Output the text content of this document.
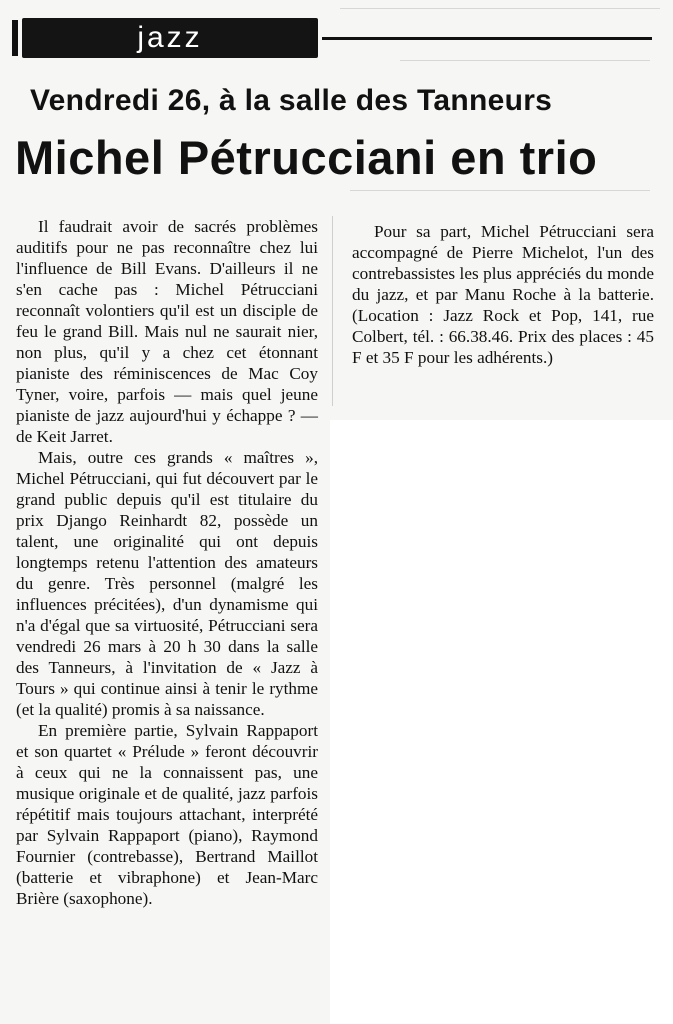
jazz
Vendredi 26, à la salle des Tanneurs
Michel Pétrucciani en trio

Il faudrait avoir de sacrés problèmes auditifs pour ne pas reconnaître chez lui l'influence de Bill Evans. D'ailleurs il ne s'en cache pas : Michel Pétrucciani reconnaît volontiers qu'il est un disciple de feu le grand Bill. Mais nul ne saurait nier, non plus, qu'il y a chez cet étonnant pianiste des réminiscences de Mac Coy Tyner, voire, parfois — mais quel jeune pianiste de jazz aujourd'hui y échappe ? — de Keit Jarret.

Mais, outre ces grands « maîtres », Michel Pétrucciani, qui fut découvert par le grand public depuis qu'il est titulaire du prix Django Reinhardt 82, possède un talent, une originalité qui ont depuis longtemps retenu l'attention des amateurs du genre. Très personnel (malgré les influences précitées), d'un dynamisme qui n'a d'égal que sa virtuosité, Pétrucciani sera vendredi 26 mars à 20 h 30 dans la salle des Tanneurs, à l'invitation de « Jazz à Tours » qui continue ainsi à tenir le rythme (et la qualité) promis à sa naissance.

En première partie, Sylvain Rappaport et son quartet « Prélude » feront découvrir à ceux qui ne la connaissent pas, une musique originale et de qualité, jazz parfois répétitif mais toujours attachant, interprété par Sylvain Rappaport (piano), Raymond Fournier (contrebasse), Bertrand Maillot (batterie et vibraphone) et Jean-Marc Brière (saxophone).

Pour sa part, Michel Pétrucciani sera accompagné de Pierre Michelot, l'un des contrebassistes les plus appréciés du monde du jazz, et par Manu Roche à la batterie. (Location : Jazz Rock et Pop, 141, rue Colbert, tél. : 66.38.46. Prix des places : 45 F et 35 F pour les adhérents.)
